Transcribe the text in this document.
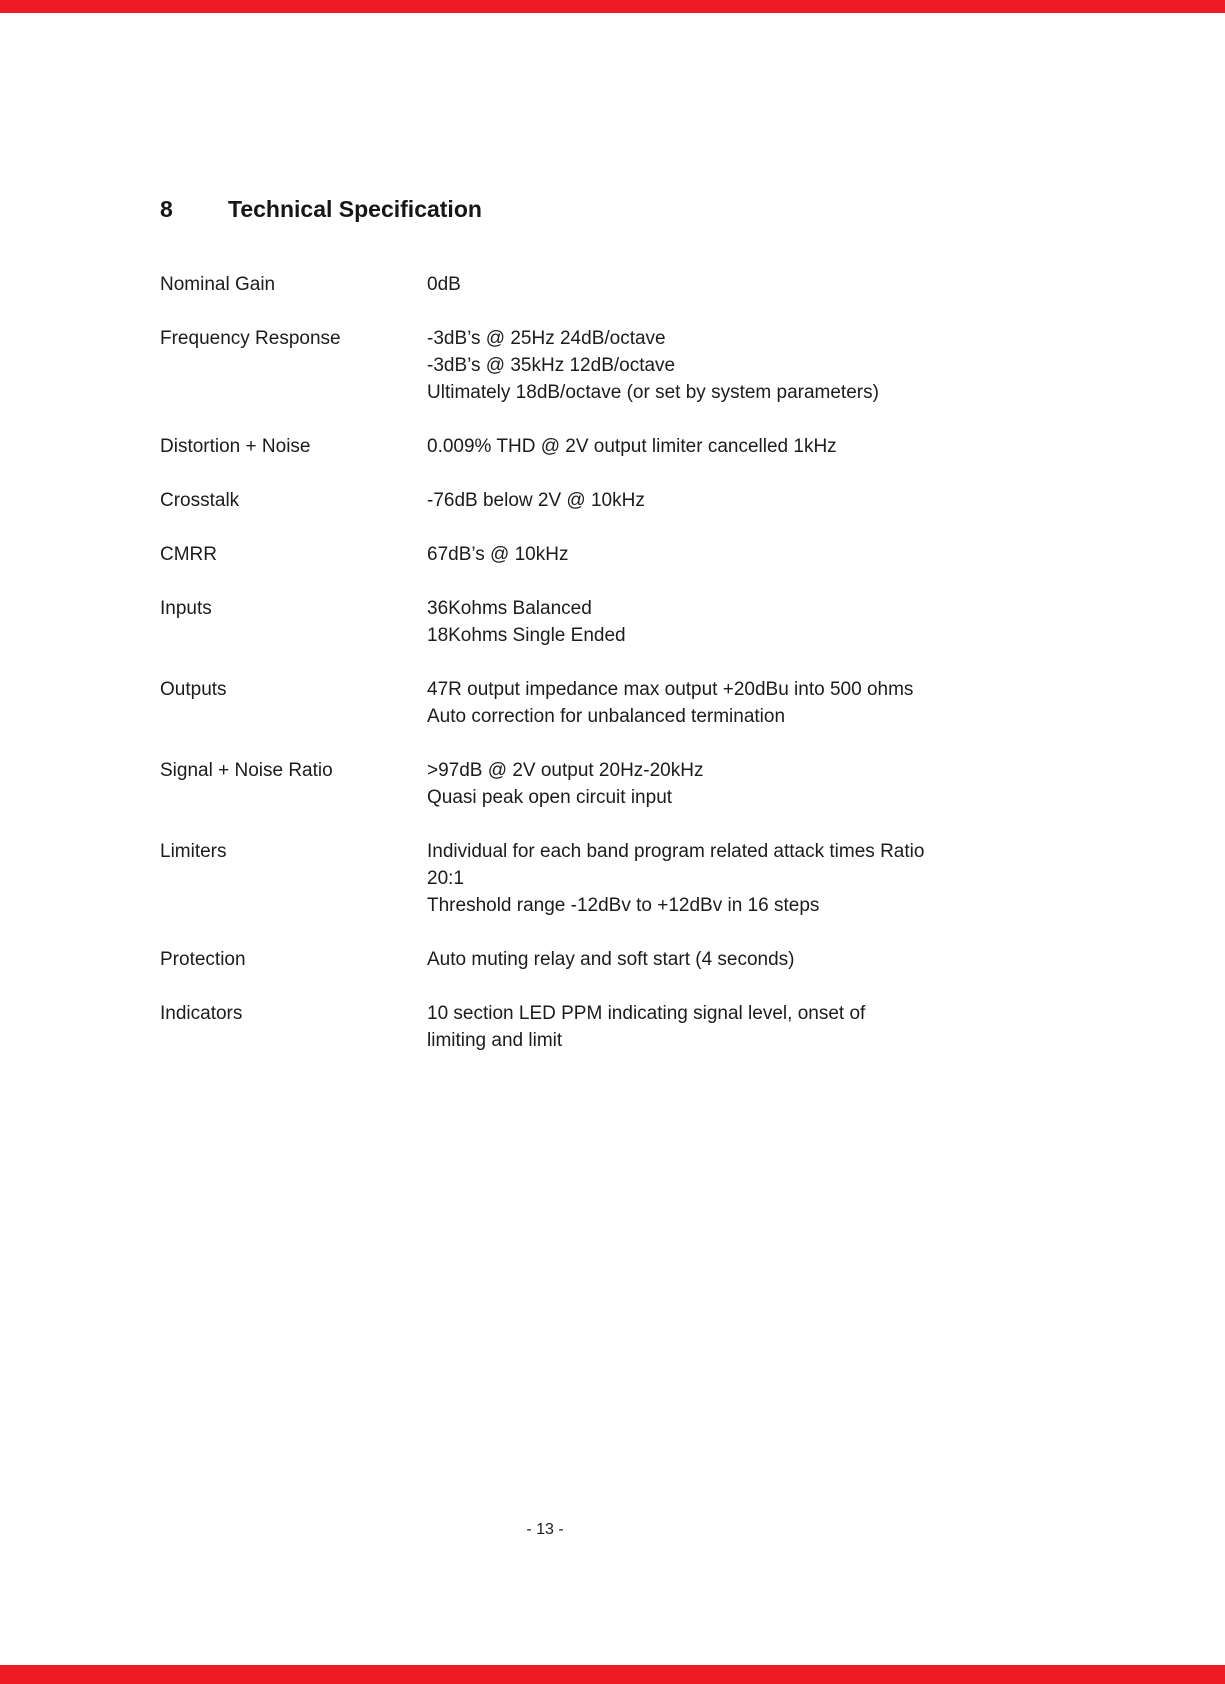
8	Technical Specification
Nominal Gain	0dB
Frequency Response	-3dB’s @ 25Hz 24dB/octave
-3dB’s @ 35kHz 12dB/octave
Ultimately 18dB/octave (or set by system parameters)
Distortion + Noise	0.009% THD @ 2V output limiter cancelled 1kHz
Crosstalk	-76dB below 2V @ 10kHz
CMRR	67dB’s @ 10kHz
Inputs	36Kohms Balanced
18Kohms Single Ended
Outputs	47R output impedance max output +20dBu into 500 ohms
Auto correction for unbalanced termination
Signal + Noise Ratio	>97dB @ 2V output 20Hz-20kHz
Quasi peak open circuit input
Limiters	Individual for each band program related attack times Ratio 20:1
Threshold range -12dBv to +12dBv in 16 steps
Protection	Auto muting relay and soft start (4 seconds)
Indicators	10 section LED PPM indicating signal level, onset of limiting and limit
- 13 -
